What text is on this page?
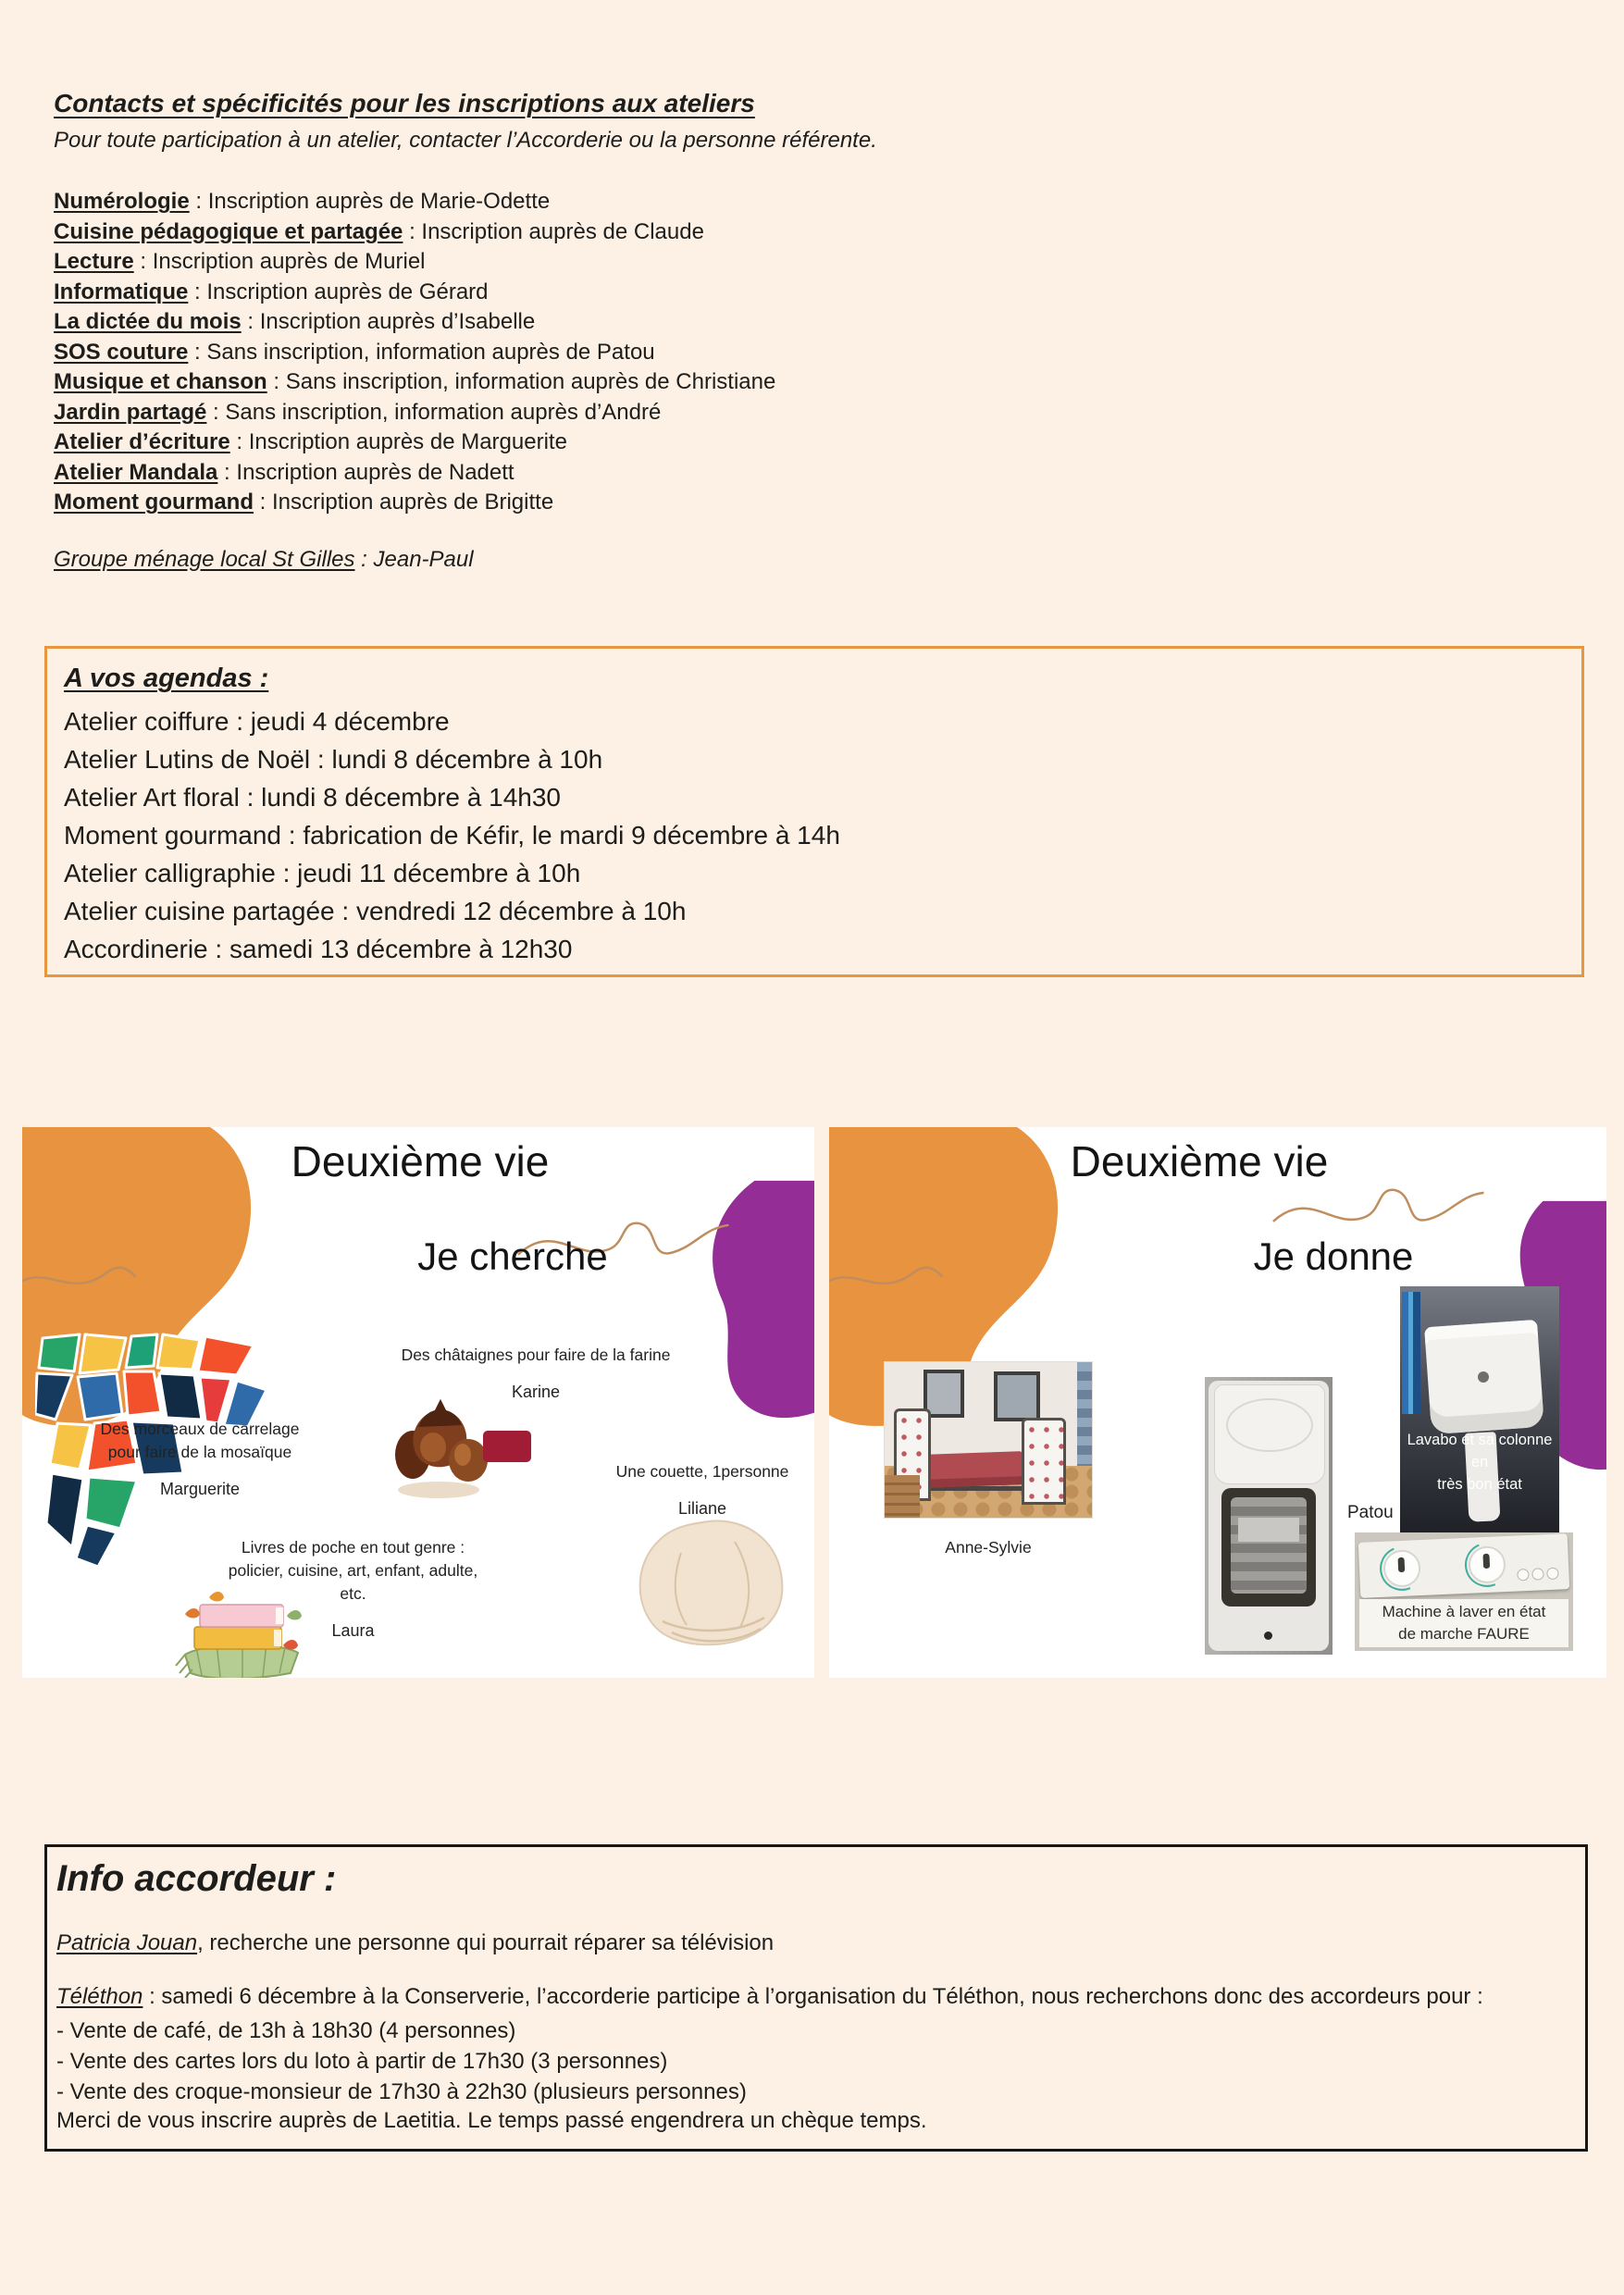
Contacts et spécificités pour les inscriptions aux ateliers
Pour toute participation à un atelier, contacter l’Accorderie ou la personne référente.
Numérologie : Inscription auprès de Marie-Odette
Cuisine pédagogique et partagée : Inscription auprès de Claude
Lecture : Inscription auprès de Muriel
Informatique : Inscription auprès de Gérard
La dictée du mois : Inscription auprès d’Isabelle
SOS couture : Sans inscription, information auprès de Patou
Musique et chanson : Sans inscription, information auprès de Christiane
Jardin partagé : Sans inscription, information auprès d’André
Atelier d’écriture : Inscription auprès de Marguerite
Atelier Mandala : Inscription auprès de Nadett
Moment gourmand : Inscription auprès de Brigitte
Groupe ménage local St Gilles : Jean-Paul
A vos agendas :
Atelier coiffure : jeudi 4 décembre
Atelier Lutins de Noël : lundi 8 décembre à 10h
Atelier Art floral : lundi 8 décembre à 14h30
Moment gourmand : fabrication de Kéfir, le mardi 9 décembre à 14h
Atelier calligraphie : jeudi 11 décembre à 10h
Atelier cuisine partagée : vendredi 12 décembre à 10h
Accordinerie : samedi 13 décembre à 12h30
Deuxième vie
Je cherche
Des morceaux de carrelage
pour faire de la mosaïque
Marguerite
Des châtaignes pour faire de la farine
Karine
Une couette, 1personne
Liliane
Livres de poche en tout genre :
policier, cuisine, art, enfant, adulte, etc.
Laura
Deuxième vie
Je donne
Anne-Sylvie
Lavabo et sa colonne en
très bon état
Patou
Machine à laver en état
de marche FAURE
Info accordeur :
Patricia Jouan, recherche une personne qui pourrait réparer sa télévision
Téléthon : samedi 6 décembre à la Conserverie, l’accorderie participe à l’organisation du Téléthon, nous recherchons donc des accordeurs pour :
- Vente de café, de 13h à 18h30 (4 personnes)
- Vente des cartes lors du loto à partir de 17h30 (3 personnes)
- Vente des croque-monsieur de 17h30 à 22h30 (plusieurs personnes)
Merci de vous inscrire auprès de Laetitia. Le temps passé engendrera un chèque temps.
